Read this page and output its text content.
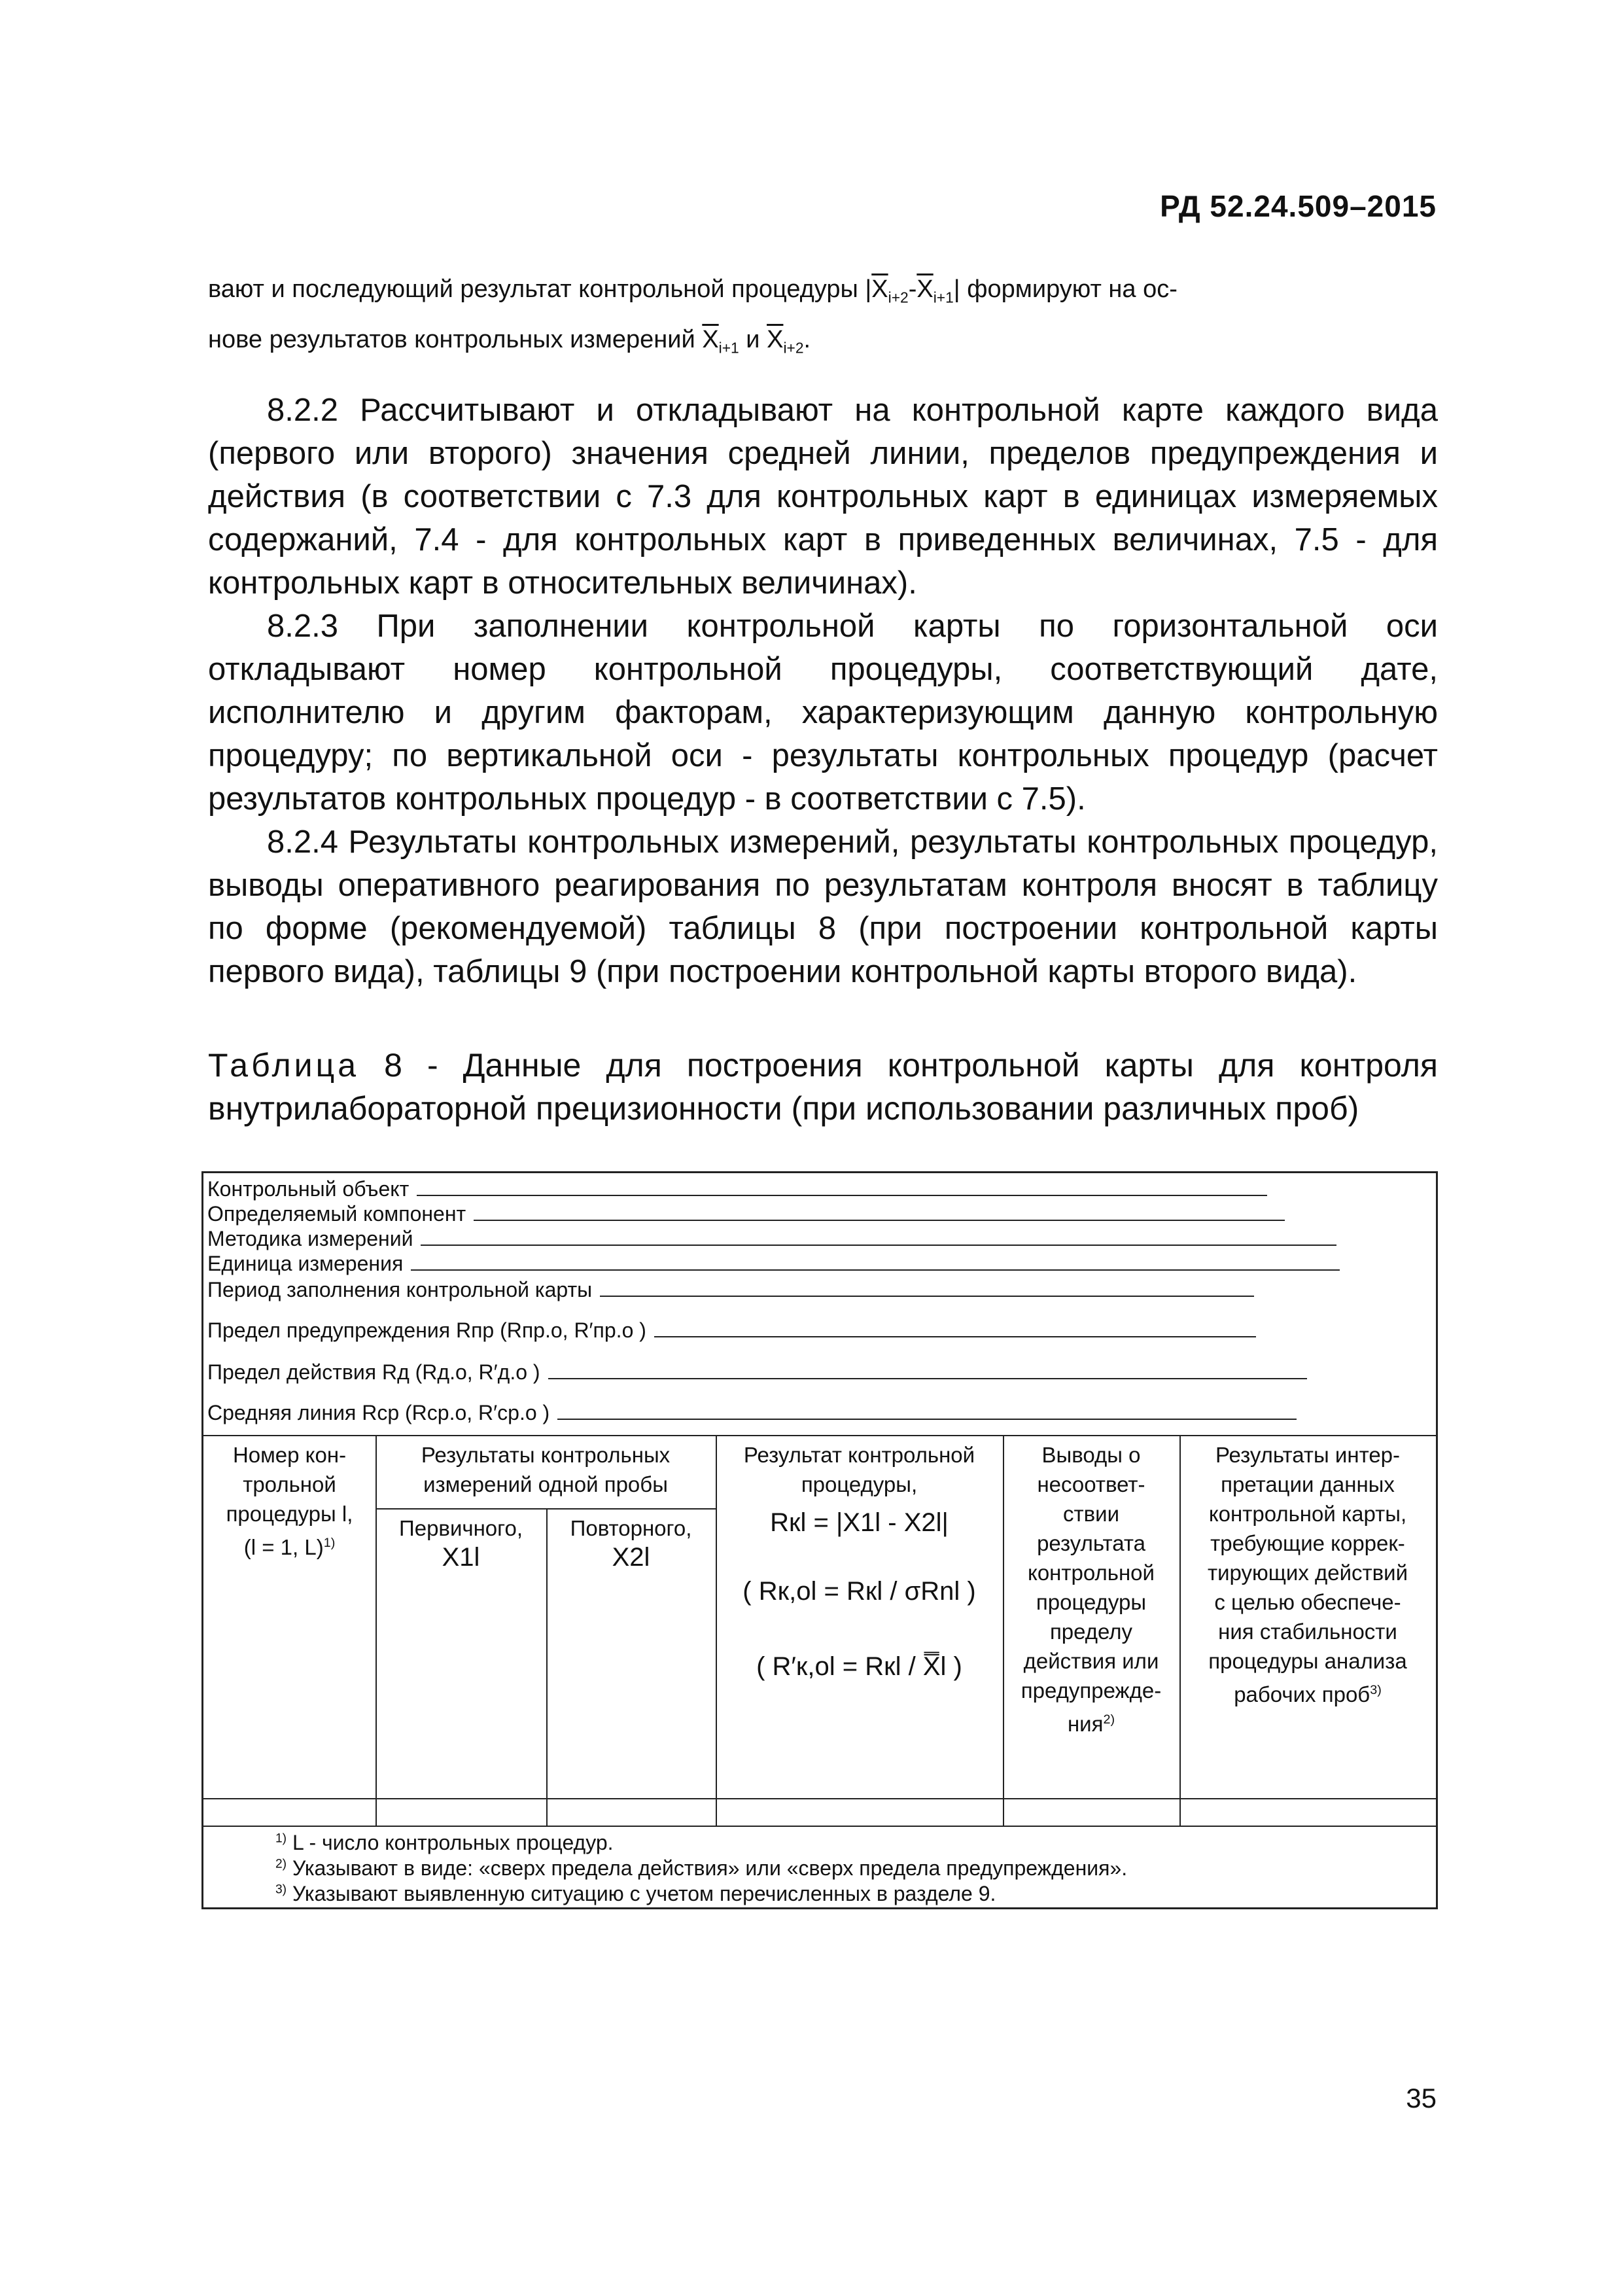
РД 52.24.509–2015
вают и последующий результат контрольной процедуры $|\overline{X}_{i+2}-\overline{X}_{i+1}|$ формируют на ос-
нове результатов контрольных измерений $\overline{X}_{i+1}$ и $\overline{X}_{i+2}$.

8.2.2 Рассчитывают и откладывают на контрольной карте каждого вида (первого или второго) значения средней линии, пределов предупреждения и действия (в соответствии с 7.3 для контрольных карт в единицах измеряемых содержаний, 7.4 - для контрольных карт в приведенных величинах, 7.5 - для контрольных карт в относительных величинах).

8.2.3 При заполнении контрольной карты по горизонтальной оси откладывают номер контрольной процедуры, соответствующий дате, исполнителю и другим факторам, характеризующим данную контрольную процедуру; по вертикальной оси - результаты контрольных процедур (расчет результатов контрольных процедур - в соответствии с 7.5).

8.2.4 Результаты контрольных измерений, результаты контрольных процедур, выводы оперативного реагирования по результатам контроля вносят в таблицу по форме (рекомендуемой) таблицы 8 (при построении контрольной карты первого вида), таблицы 9 (при построении контрольной карты второго вида).

Таблица 8 - Данные для построения контрольной карты для контроля внутрилабораторной прецизионности (при использовании различных проб)
Контрольный объект
Определяемый компонент
Методика измерений
Единица измерения
Период заполнения контрольной карты
Предел предупреждения Rпр (Rпр.о, R′пр.о )
Предел действия Rд (Rд.о, R′д.о )
Средняя линия Rср (Rср.о, R′ср.о )
Номер кон-
трольной
процедуры l,
(l = 1, L)$^{1)}$
Результаты контрольных
измерений одной пробы
Первичного,
X1l
Повторного,
X2l
Результат контрольной
процедуры,
Rкl = |X1l - X2l|
( Rк,оl = Rкl / σRnl )
( R′к,оl = Rкl / X̿l )
Выводы о
несоответ-
ствии
результата
контрольной
процедуры
пределу
действия или
предупрежде-
ния$^{2)}$
Результаты интер-
претации данных
контрольной карты,
требующие коррек-
тирующих действий
с целью обеспече-
ния стабильности
процедуры анализа
рабочих проб$^{3)}$
$^{1)}$ L - число контрольных процедур.
$^{2)}$ Указывают в виде: «сверх предела действия» или «сверх предела предупреждения».
$^{3)}$ Указывают выявленную ситуацию с учетом перечисленных в разделе 9.
35
